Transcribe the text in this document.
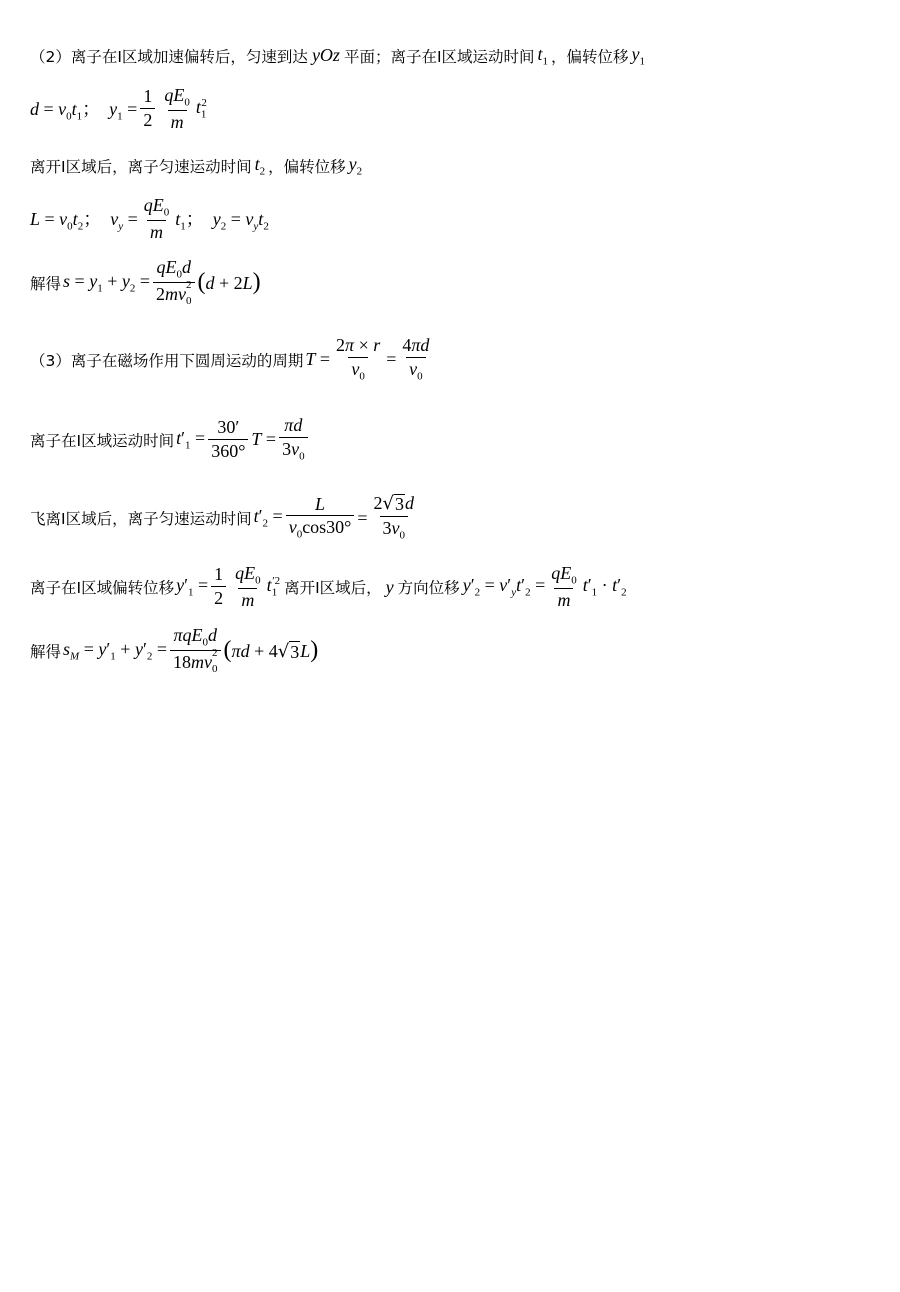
（2）离子在Ⅰ区域加速偏转后，匀速到达 yOz 平面；离子在Ⅰ区域运动时间 $t_1$ ，偏转位移 $y_1$
$d = v_0t_1$；  $y_1 = \frac{1}{2} \frac{qE_0}{m} t_1^2$
离开Ⅰ区域后，离子匀速运动时间 $t_2$ ，偏转位移 $y_2$
$L = v_0t_2$；  $v_y = \frac{qE_0}{m} t_1$；  $y_2 = v_yt_2$
解得 $s = y_1 + y_2 = qE_0d$
2mv $_{2 0}$ (d + 2L)
（3）离子在磁场作用下圆周运动的周期 $T = \frac{2\pi \times r}{v_0} = \frac{4\pi d}{v_0}$
离子在Ⅰ区域运动时间 $t'_1 = \frac{30'}{360^\circ}$ $T = \frac{\pi d}{3v_0}$
飞离Ⅰ区域后，离子匀速运动时间 $t'_2 = \frac{L}{v_0\cos 30^\circ} = \frac{2 √ 3 d}{3v_0}$
离子在Ⅰ区域偏转位移 $y'_1 = \frac{1}{2} \frac{qE_0}{m} t_1^{'2}$ 离开Ⅰ区域后， y 方向位移 $y'_2 = v'_yt'_2 = \frac{qE_0}{m} t'_1 \cdot t'_2$
解得 $s_M = y'_1 + y'_2 = \pi qE_0d$
18mv $_{2 0}$ (πd + 4 √ 3 L)
